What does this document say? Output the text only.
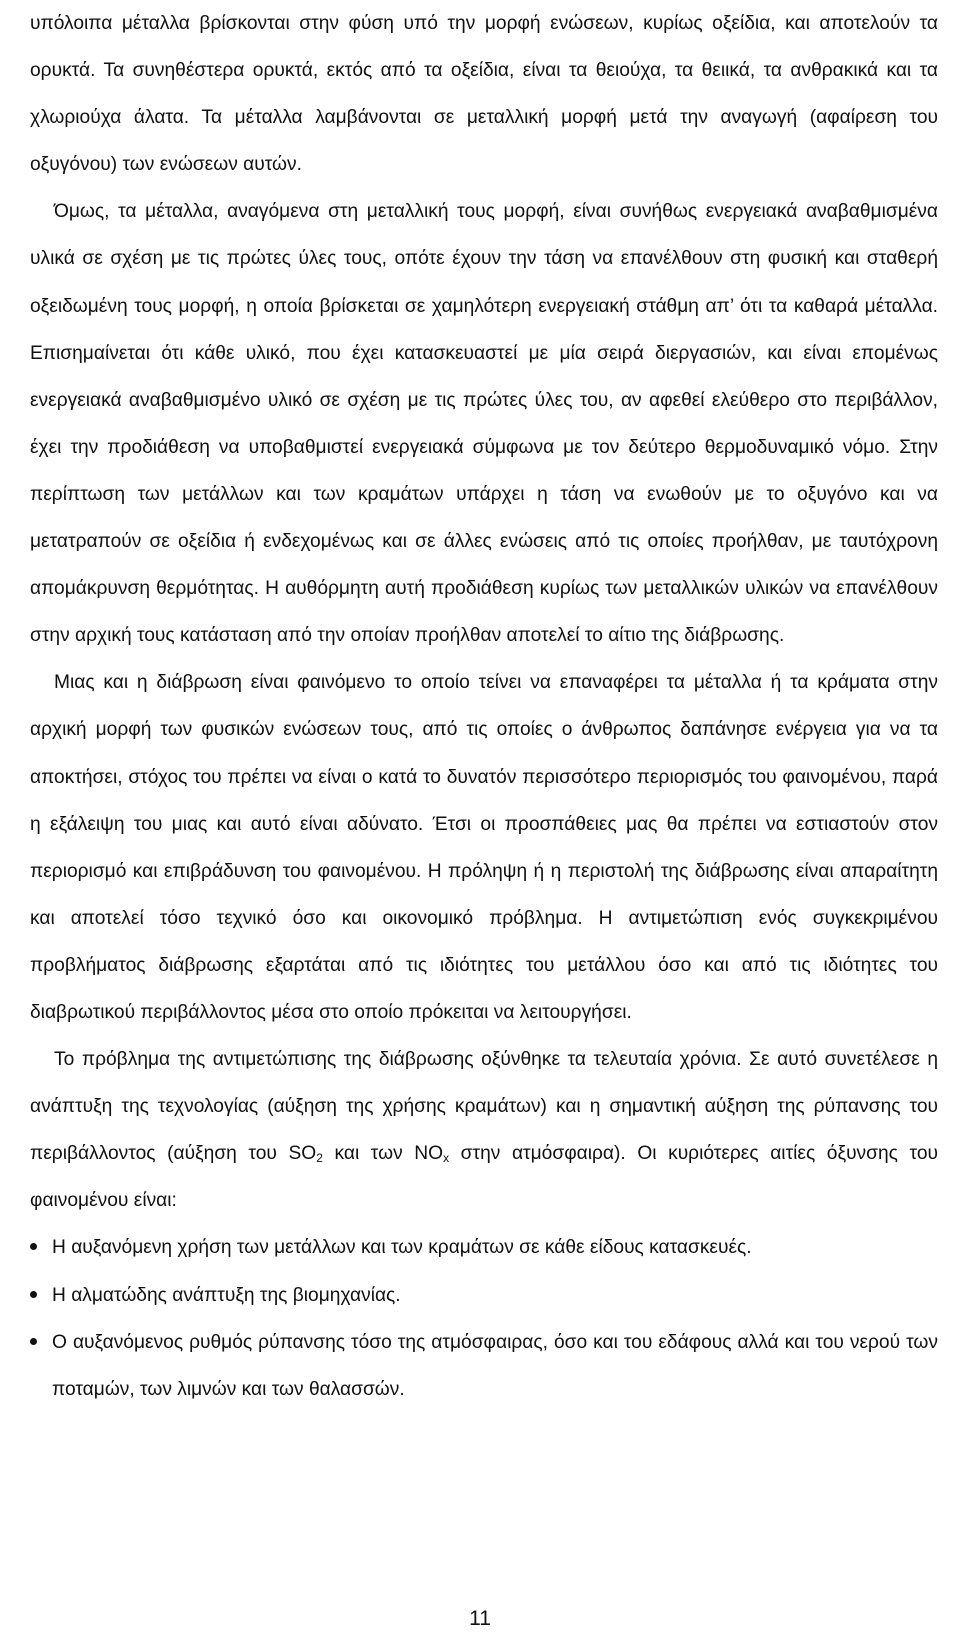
υπόλοιπα μέταλλα βρίσκονται στην φύση υπό την μορφή ενώσεων, κυρίως οξείδια, και αποτελούν τα ορυκτά. Τα συνηθέστερα ορυκτά, εκτός από τα οξείδια, είναι τα θειούχα, τα θειικά, τα ανθρακικά και τα χλωριούχα άλατα. Τα μέταλλα λαμβάνονται σε μεταλλική μορφή μετά την αναγωγή (αφαίρεση του οξυγόνου) των ενώσεων αυτών.

Όμως, τα μέταλλα, αναγόμενα στη μεταλλική τους μορφή, είναι συνήθως ενεργειακά αναβαθμισμένα υλικά σε σχέση με τις πρώτες ύλες τους, οπότε έχουν την τάση να επανέλθουν στη φυσική και σταθερή οξειδωμένη τους μορφή, η οποία βρίσκεται σε χαμηλότερη ενεργειακή στάθμη απ’ ότι τα καθαρά μέταλλα. Επισημαίνεται ότι κάθε υλικό, που έχει κατασκευαστεί με μία σειρά διεργασιών, και είναι επομένως ενεργειακά αναβαθμισμένο υλικό σε σχέση με τις πρώτες ύλες του, αν αφεθεί ελεύθερο στο περιβάλλον, έχει την προδιάθεση να υποβαθμιστεί ενεργειακά σύμφωνα με τον δεύτερο θερμοδυναμικό νόμο. Στην περίπτωση των μετάλλων και των κραμάτων υπάρχει η τάση να ενωθούν με το οξυγόνο και να μετατραπούν σε οξείδια ή ενδεχομένως και σε άλλες ενώσεις από τις οποίες προήλθαν, με ταυτόχρονη απομάκρυνση θερμότητας. Η αυθόρμητη αυτή προδιάθεση κυρίως των μεταλλικών υλικών να επανέλθουν στην αρχική τους κατάσταση από την οποίαν προήλθαν αποτελεί το αίτιο της διάβρωσης.

Μιας και η διάβρωση είναι φαινόμενο το οποίο τείνει να επαναφέρει τα μέταλλα ή τα κράματα στην αρχική μορφή των φυσικών ενώσεων τους, από τις οποίες ο άνθρωπος δαπάνησε ενέργεια για να τα αποκτήσει, στόχος του πρέπει να είναι ο κατά το δυνατόν περισσότερο περιορισμός του φαινομένου, παρά η εξάλειψη του μιας και αυτό είναι αδύνατο. Έτσι οι προσπάθειες μας θα πρέπει να εστιαστούν στον περιορισμό και επιβράδυνση του φαινομένου. Η πρόληψη ή η περιστολή της διάβρωσης είναι απαραίτητη και αποτελεί τόσο τεχνικό όσο και οικονομικό πρόβλημα. Η αντιμετώπιση ενός συγκεκριμένου προβλήματος διάβρωσης εξαρτάται από τις ιδιότητες του μετάλλου όσο και από τις ιδιότητες του διαβρωτικού περιβάλλοντος μέσα στο οποίο πρόκειται να λειτουργήσει.

Το πρόβλημα της αντιμετώπισης της διάβρωσης οξύνθηκε τα τελευταία χρόνια. Σε αυτό συνετέλεσε η ανάπτυξη της τεχνολογίας (αύξηση της χρήσης κραμάτων) και η σημαντική αύξηση της ρύπανσης του περιβάλλοντος (αύξηση του $SO_2$ και των $NO_x$ στην ατμόσφαιρα). Οι κυριότερες αιτίες όξυνσης του φαινομένου είναι:

Η αυξανόμενη χρήση των μετάλλων και των κραμάτων σε κάθε είδους κατασκευές.
Η αλματώδης ανάπτυξη της βιομηχανίας.
Ο αυξανόμενος ρυθμός ρύπανσης τόσο της ατμόσφαιρας, όσο και του εδάφους αλλά και του νερού των ποταμών, των λιμνών και των θαλασσών.
11
